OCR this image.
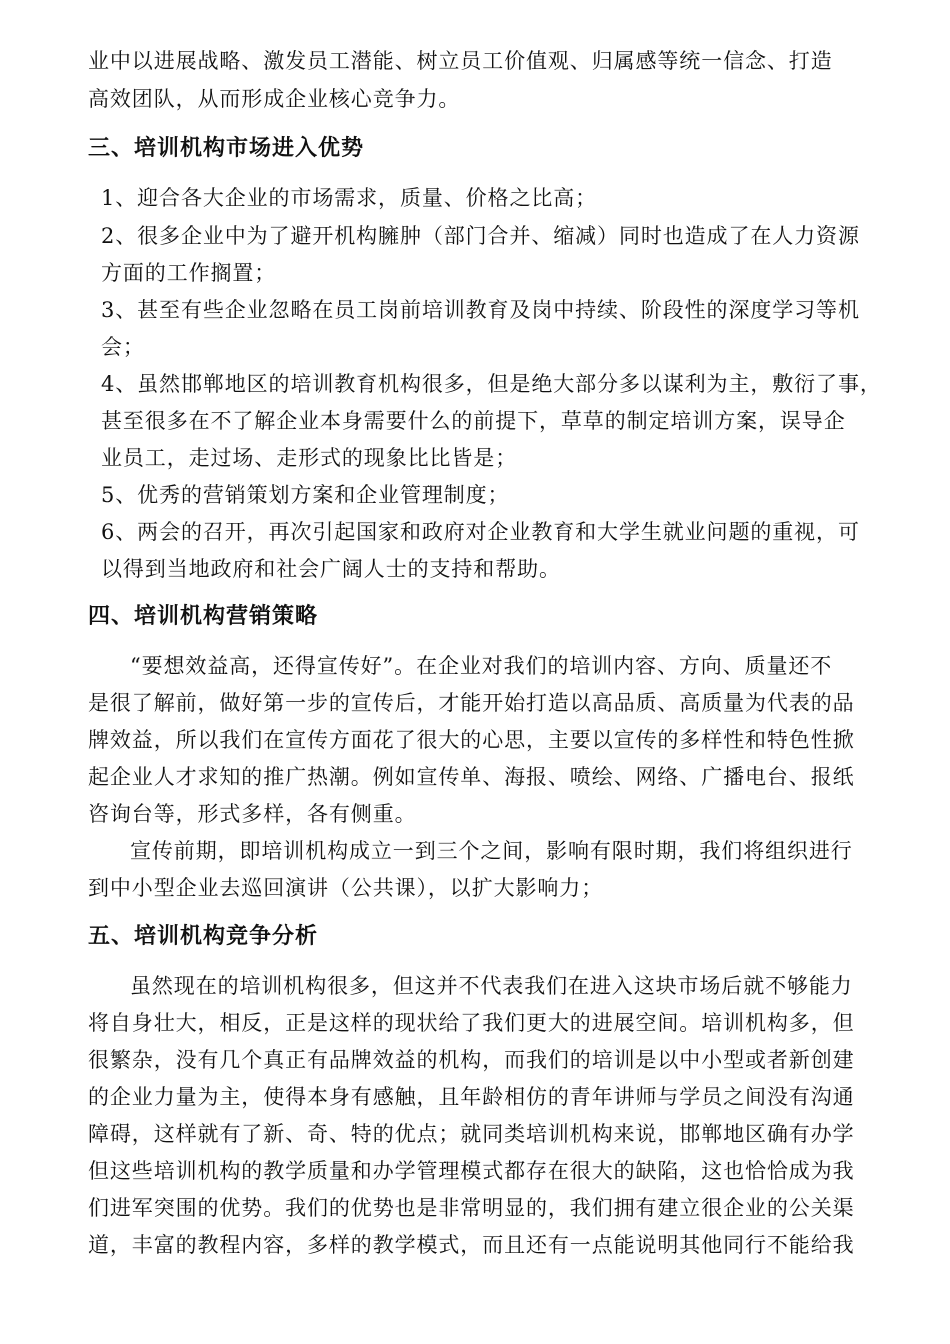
业中以进展战略、激发员工潜能、树立员工价值观、归属感等统一信念、打造
高效团队，从而形成企业核心竞争力。
三、培训机构市场进入优势
1、迎合各大企业的市场需求，质量、价格之比高；
2、很多企业中为了避开机构臃肿（部门合并、缩减）同时也造成了在人力资源
方面的工作搁置；
3、甚至有些企业忽略在员工岗前培训教育及岗中持续、阶段性的深度学习等机
会；
4、虽然邯郸地区的培训教育机构很多，但是绝大部分多以谋利为主，敷衍了事，
甚至很多在不了解企业本身需要什么的前提下，草草的制定培训方案，误导企
业员工，走过场、走形式的现象比比皆是；
5、优秀的营销策划方案和企业管理制度；
6、两会的召开，再次引起国家和政府对企业教育和大学生就业问题的重视，可
以得到当地政府和社会广阔人士的支持和帮助。
四、培训机构营销策略
“要想效益高，还得宣传好”。在企业对我们的培训内容、方向、质量还不
是很了解前，做好第一步的宣传后，才能开始打造以高品质、高质量为代表的品
牌效益，所以我们在宣传方面花了很大的心思，主要以宣传的多样性和特色性掀
起企业人才求知的推广热潮。例如宣传单、海报、喷绘、网络、广播电台、报纸
咨询台等，形式多样，各有侧重。
宣传前期，即培训机构成立一到三个之间，影响有限时期，我们将组织进行
到中小型企业去巡回演讲（公共课），以扩大影响力；
五、培训机构竞争分析
虽然现在的培训机构很多，但这并不代表我们在进入这块市场后就不够能力
将自身壮大，相反，正是这样的现状给了我们更大的进展空间。培训机构多，但
很繁杂，没有几个真正有品牌效益的机构，而我们的培训是以中小型或者新创建
的企业力量为主，使得本身有感触，且年龄相仿的青年讲师与学员之间没有沟通
障碍，这样就有了新、奇、特的优点；就同类培训机构来说，邯郸地区确有办学
但这些培训机构的教学质量和办学管理模式都存在很大的缺陷，这也恰恰成为我
们进军突围的优势。我们的优势也是非常明显的，我们拥有建立很企业的公关渠
道，丰富的教程内容，多样的教学模式，而且还有一点能说明其他同行不能给我
